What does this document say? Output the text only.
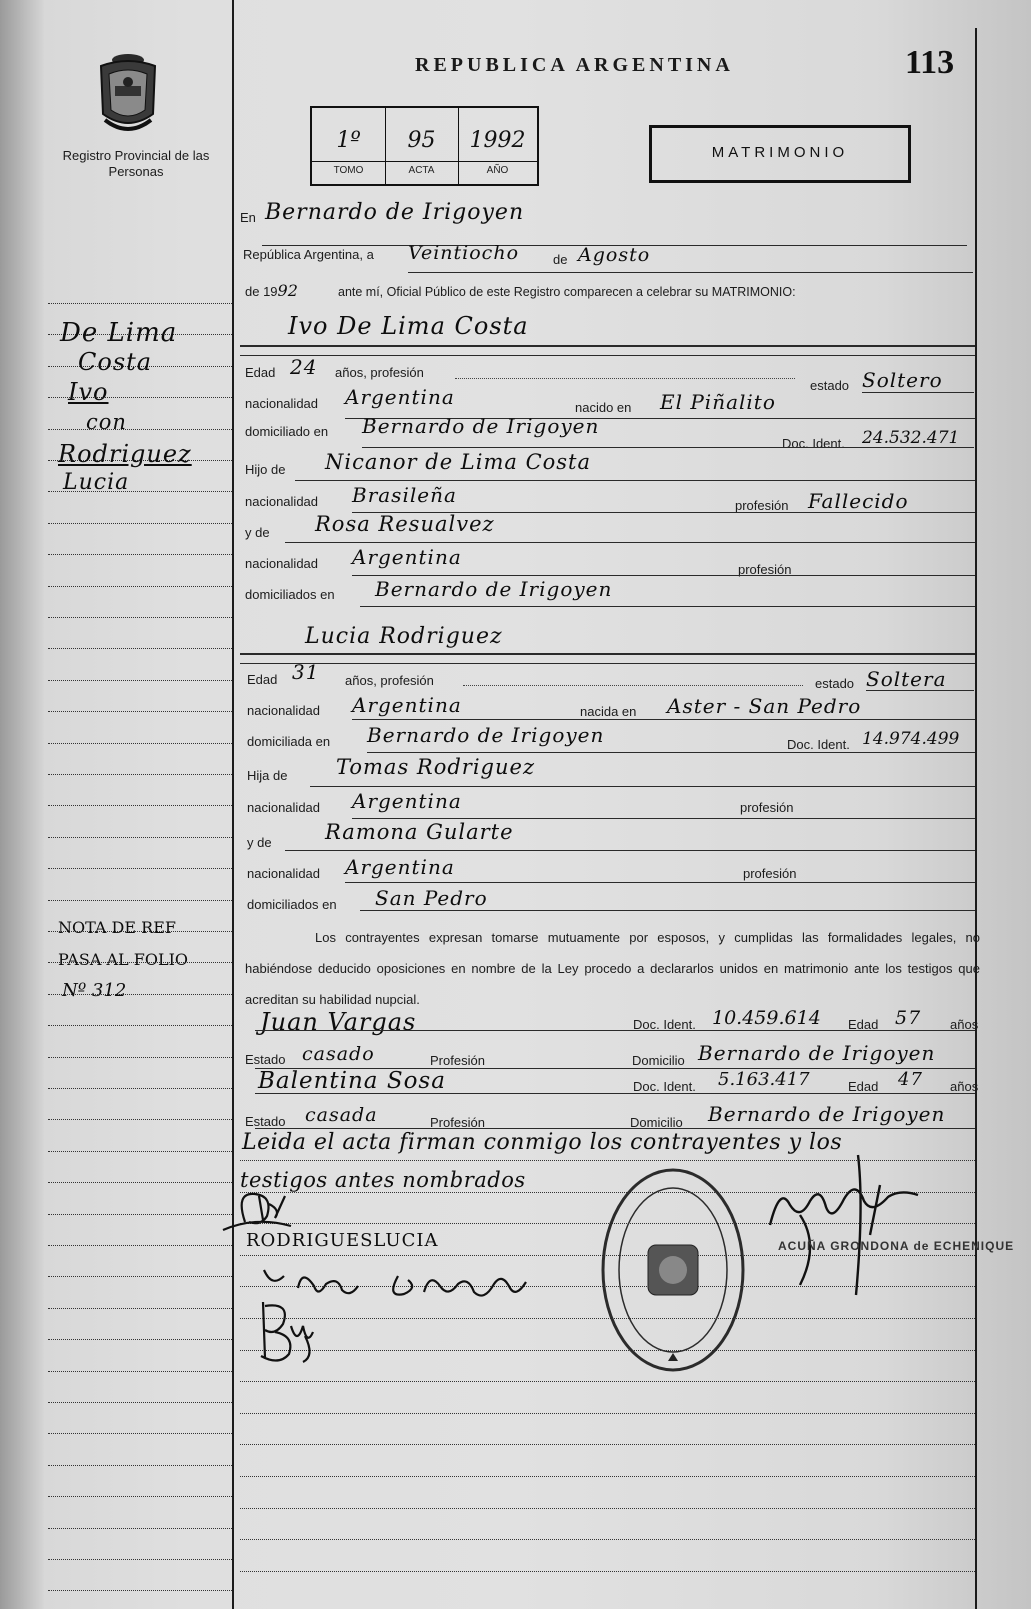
Registro Provincial de las Personas
REPUBLICA ARGENTINA	113
1º
TOMO
95
ACTA
1992
AÑO
MATRIMONIO
En Bernardo de Irigoyen
República Argentina, a Veintiocho	de Agosto
de 1992	ante mí, Oficial Público de este Registro comparecen a celebrar su MATRIMONIO:
Ivo De Lima Costa
Edad 24 años, profesión
estado Soltero
nacionalidad Argentina	nacido en El Piñalito
domiciliado en Bernardo de Irigoyen
Doc. Ident. 24.532.471
Hijo de Nicanor de Lima Costa
nacionalidad Brasileña	profesión Fallecido
y de Rosa Resualvez
nacionalidad Argentina
profesión
domiciliados en Bernardo de Irigoyen
Lucia Rodriguez
Edad 31 años, profesión	estado Soltera
nacionalidad Argentina	nacida en Aster - San Pedro
domiciliada en Bernardo de Irigoyen	Doc. Ident. 14.974.499
Hija de Tomas Rodriguez
nacionalidad Argentina	profesión
y de	Ramona Gularte
nacionalidad Argentina	profesión
domiciliados en San Pedro
Los contrayentes expresan tomarse mutuamente por esposos, y cumplidas las formalidades legales, no habiéndose deducido oposiciones en nombre de la Ley procedo a declararlos unidos en matrimonio ante los testigos que acreditan su habilidad nupcial.
Juan Vargas	Doc. Ident. 10.459.614 Edad 57 años
Estado casado	Profesión	Domicilio Bernardo de Irigoyen
Balentina Sosa	Doc. Ident. 5.163.417	Edad 47 años
Estado casada	Profesión	Domicilio Bernardo de Irigoyen
Leida el acta firman conmigo los contrayentes y los
testigos antes nombrados
De Lima
Costa
Ivo
con
Rodriguez
Lucia
NOTA DE REF
PASA AL FOLIO
Nº 312
RODRIGUESLUCIA	ACUÑA GRONDONA de ECHENIQUE
